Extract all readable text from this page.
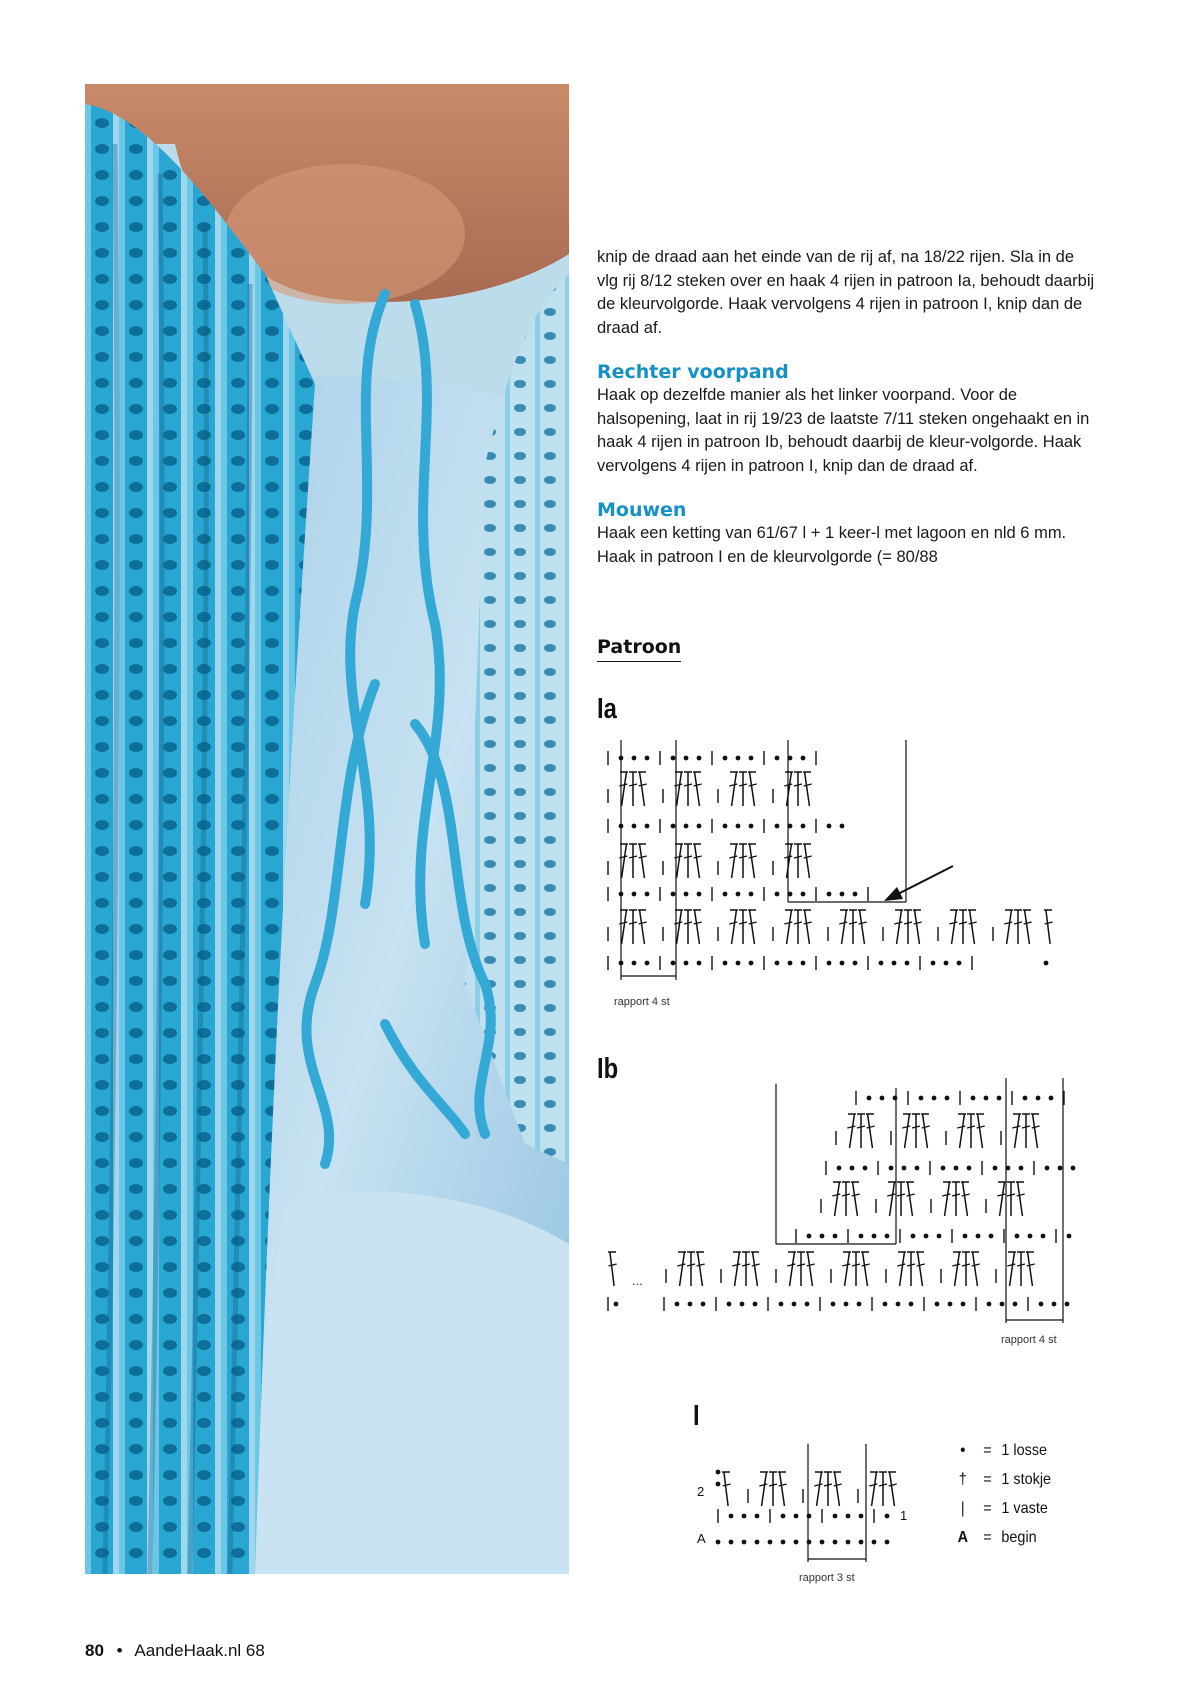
knip de draad aan het einde van de rij af, na 18/22 rijen. Sla in de vlg rij 8/12 steken over en haak 4 rijen in patroon Ia, behoudt daarbij de kleurvolgorde. Haak vervolgens 4 rijen in patroon I, knip dan de draad af.

Rechter voorpand

Haak op dezelfde manier als het linker voorpand. Voor de halsopening, laat in rij 19/23 de laatste 7/11 steken ongehaakt en in haak 4 rijen in patroon Ib, behoudt daarbij de kleur-volgorde. Haak vervolgens 4 rijen in patroon I, knip dan de draad af.

Mouwen

Haak een ketting van 61/67 l + 1 keer-l met lagoon en nld 6 mm. Haak in patroon I en de kleurvolgorde (= 80/88

Patroon
Ia
rapport 4 st
Ib
...
rapport 4 st
I
2
A
1
rapport 3 st
• = 1 losse
† = 1 stokje
| = 1 vaste
A = begin
80 • AandeHaak.nl 68
